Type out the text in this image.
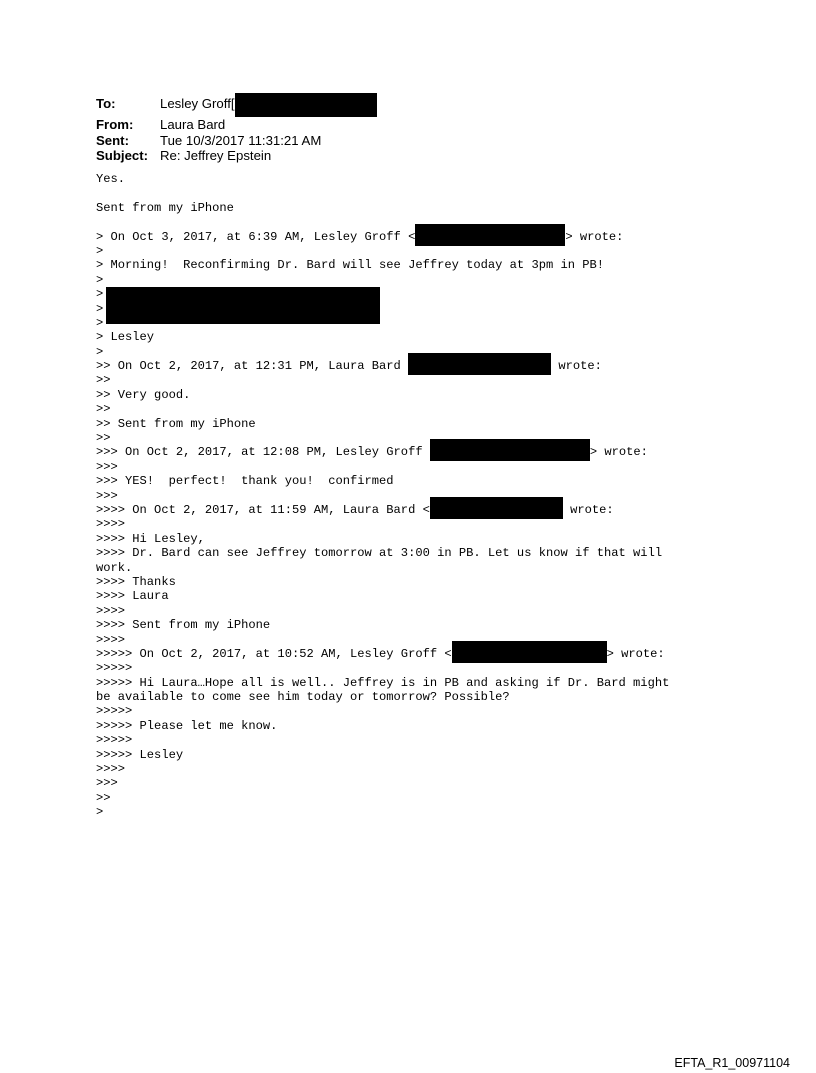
To:	Lesley Groff[
From:	Laura Bard
Sent:	Tue 10/3/2017 11:31:21 AM
Subject: Re: Jeffrey Epstein
Yes.
Sent from my iPhone
> On Oct 3, 2017, at 6:39 AM, Lesley Groff <	> wrote:
>
> Morning!  Reconfirming Dr. Bard will see Jeffrey today at 3pm in PB!
>
>
>
>
> Lesley
>
>> On Oct 2, 2017, at 12:31 PM, Laura Bard	wrote:
>>
>> Very good.
>>
>> Sent from my iPhone
>>
>>> On Oct 2, 2017, at 12:08 PM, Lesley Groff	> wrote:
>>>
>>> YES!  perfect!  thank you!  confirmed
>>>
>>>> On Oct 2, 2017, at 11:59 AM, Laura Bard <	wrote:
>>>>
>>>> Hi Lesley,
>>>> Dr. Bard can see Jeffrey tomorrow at 3:00 in PB. Let us know if that will
work.
>>>> Thanks
>>>> Laura
>>>>
>>>> Sent from my iPhone
>>>>
>>>>> On Oct 2, 2017, at 10:52 AM, Lesley Groff <	> wrote:
>>>>>
>>>>> Hi Laura…Hope all is well.. Jeffrey is in PB and asking if Dr. Bard might
be available to come see him today or tomorrow? Possible?
>>>>>
>>>>> Please let me know.
>>>>>
>>>>> Lesley
>>>>
>>>
>>
>
EFTA_R1_00971104
